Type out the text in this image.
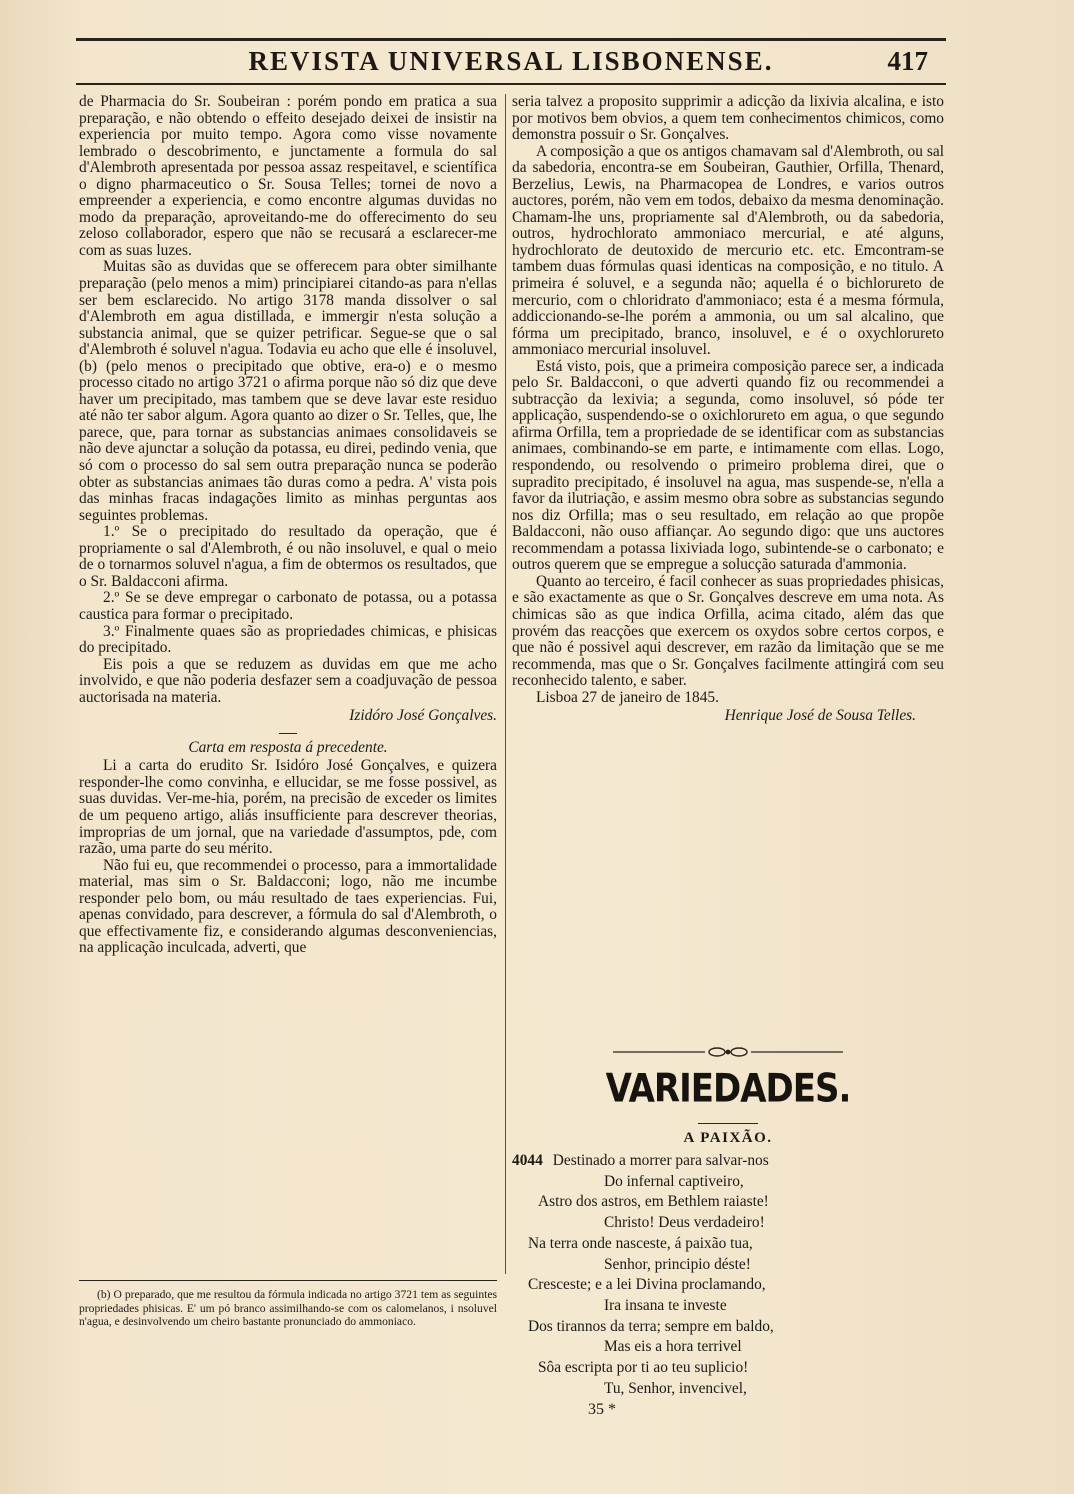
REVISTA UNIVERSAL LISBONENSE.	417

de Pharmacia do Sr. Soubeiran : porém pondo em pratica a sua preparação, e não obtendo o effeito desejado deixei de insistir na experiencia por muito tempo. Agora como visse novamente lembrado o descobrimento, e junctamente a formula do sal d'Alembroth apresentada por pessoa assaz respeitavel, e scientífica o digno pharmaceutico o Sr. Sousa Telles; tornei de novo a empreender a experiencia, e como encontre algumas duvidas no modo da preparação, aproveitando-me do offerecimento do seu zeloso collaborador, espero que não se recusará a esclarecer-me com as suas luzes.

Muitas são as duvidas que se offerecem para obter similhante preparação (pelo menos a mim) principiarei citando-as para n'ellas ser bem esclarecido. No artigo 3178 manda dissolver o sal d'Alembroth em agua distillada, e immergir n'esta solução a substancia animal, que se quizer petrificar. Segue-se que o sal d'Alembroth é soluvel n'agua. Todavia eu acho que elle é insoluvel, (b) (pelo menos o precipitado que obtive, era-o) e o mesmo processo citado no artigo 3721 o afirma porque não só diz que deve haver um precipitado, mas tambem que se deve lavar este residuo até não ter sabor algum. Agora quanto ao dizer o Sr. Telles, que, lhe parece, que, para tornar as substancias animaes consolidaveis se não deve ajunctar a solução da potassa, eu direi, pedindo venia, que só com o processo do sal sem outra preparação nunca se poderão obter as substancias animaes tão duras como a pedra. A' vista pois das minhas fracas indagações limito as minhas perguntas aos seguintes problemas.

1.º Se o precipitado do resultado da operação, que é propriamente o sal d'Alembroth, é ou não insoluvel, e qual o meio de o tornarmos soluvel n'agua, a fim de obtermos os resultados, que o Sr. Baldacconi afirma.

2.º Se se deve empregar o carbonato de potassa, ou a potassa caustica para formar o precipitado.

3.º Finalmente quaes são as propriedades chimicas, e phisicas do precipitado.

Eis pois a que se reduzem as duvidas em que me acho involvido, e que não poderia desfazer sem a coadjuvação de pessoa auctorisada na materia.

Izidóro José Gonçalves.

Carta em resposta á precedente.

Li a carta do erudito Sr. Isidóro José Gonçalves, e quizera responder-lhe como convinha, e ellucidar, se me fosse possivel, as suas duvidas. Ver-me-hia, porém, na precisão de exceder os limites de um pequeno artigo, aliás insufficiente para descrever theorias, improprias de um jornal, que na variedade d'assumptos, pde, com razão, uma parte do seu mérito.

Não fui eu, que recommendei o processo, para a immortalidade material, mas sim o Sr. Baldacconi; logo, não me incumbe responder pelo bom, ou máu resultado de taes experiencias. Fui, apenas convidado, para descrever, a fórmula do sal d'Alembroth, o que effectivamente fiz, e considerando algumas desconveniencias, na applicação inculcada, adverti, que

(b) O preparado, que me resultou da fórmula indicada no artigo 3721 tem as seguintes propriedades phisicas. E' um pó branco assimilhando-se com os calomelanos, i nsoluvel n'agua, e desinvolvendo um cheiro bastante pronunciado do ammoniaco.

seria talvez a proposito supprimir a adicção da lixivia alcalina, e isto por motivos bem obvios, a quem tem conhecimentos chimicos, como demonstra possuir o Sr. Gonçalves.

A composição a que os antigos chamavam sal d'Alembroth, ou sal da sabedoria, encontra-se em Soubeiran, Gauthier, Orfilla, Thenard, Berzelius, Lewis, na Pharmacopea de Londres, e varios outros auctores, porém, não vem em todos, debaixo da mesma denominação. Chamam-lhe uns, propriamente sal d'Alembroth, ou da sabedoria, outros, hydrochlorato ammoniaco mercurial, e até alguns, hydrochlorato de deutoxido de mercurio etc. etc. Emcontram-se tambem duas fórmulas quasi identicas na composição, e no titulo. A primeira é soluvel, e a segunda não; aquella é o bichlorureto de mercurio, com o chloridrato d'ammoniaco; esta é a mesma fórmula, addiccionando-se-lhe porém a ammonia, ou um sal alcalino, que fórma um precipitado, branco, insoluvel, e é o oxychlorureto ammoniaco mercurial insoluvel.

Está visto, pois, que a primeira composição parece ser, a indicada pelo Sr. Baldacconi, o que adverti quando fiz ou recommendei a subtracção da lexivia; a segunda, como insoluvel, só póde ter applicação, suspendendo-se o oxichlorureto em agua, o que segundo afirma Orfilla, tem a propriedade de se identificar com as substancias animaes, combinando-se em parte, e intimamente com ellas. Logo, respondendo, ou resolvendo o primeiro problema direi, que o supradito precipitado, é insoluvel na agua, mas suspende-se, n'ella a favor da ilutriação, e assim mesmo obra sobre as substancias segundo nos diz Orfilla; mas o seu resultado, em relação ao que propõe Baldacconi, não ouso affiançar. Ao segundo digo: que uns auctores recommendam a potassa lixiviada logo, subintende-se o carbonato; e outros querem que se empregue a solucção saturada d'ammonia.

Quanto ao terceiro, é facil conhecer as suas propriedades phisicas, e são exactamente as que o Sr. Gonçalves descreve em uma nota. As chimicas são as que indica Orfilla, acima citado, além das que provém das reacções que exercem os oxydos sobre certos corpos, e que não é possivel aqui descrever, em razão da limitação que se me recommenda, mas que o Sr. Gonçalves facilmente attingirá com seu reconhecido talento, e saber.

Lisboa 27 de janeiro de 1845.

Henrique José de Sousa Telles.

VARIEDADES.
A PAIXÃO.
4044 Destinado a morrer para salvar-nos
Do infernal captiveiro,
Astro dos astros, em Bethlem raiaste!
Christo! Deus verdadeiro!
Na terra onde nasceste, á paixão tua,
Senhor, principio déste!
Cresceste; e a lei Divina proclamando,
Ira insana te investe
Dos tirannos da terra; sempre em baldo,
Mas eis a hora terrivel
Sôa escripta por ti ao teu suplicio!
Tu, Senhor, invencivel,
35 *
